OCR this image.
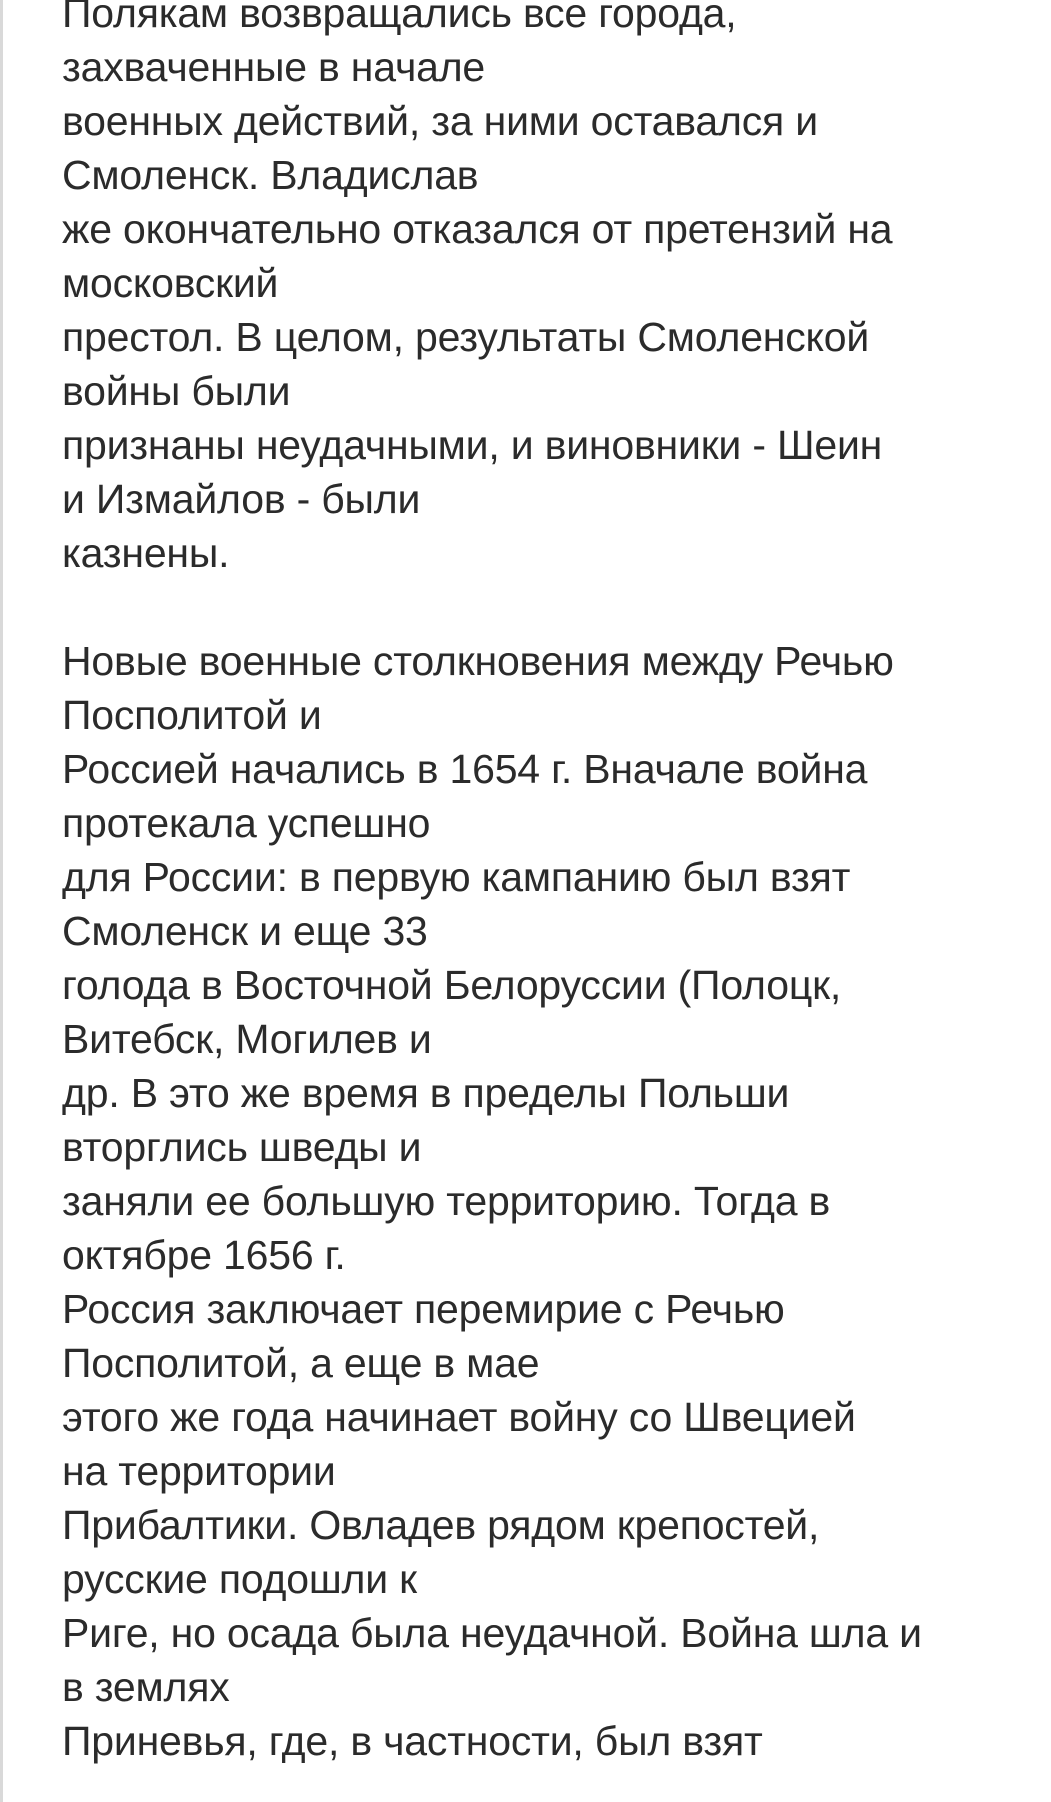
Полякам возвращались все города,
захваченные в начале
военных действий, за ними оставался и
Смоленск. Владислав
же окончательно отказался от претензий на
московский
престол. В целом, результаты Смоленской
войны были
признаны неудачными, и виновники - Шеин
и Измайлов - были
казнены.
Новые военные столкновения между Речью
Посполитой и
Россией начались в 1654 г. Вначале война
протекала успешно
для России: в первую кампанию был взят
Смоленск и еще 33
голода в Восточной Белоруссии (Полоцк,
Витебск, Могилев и
др. В это же время в пределы Польши
вторглись шведы и
заняли ее большую территорию. Тогда в
октябре 1656 г.
Россия заключает перемирие с Речью
Посполитой, а еще в мае
этого же года начинает войну со Швецией
на территории
Прибалтики. Овладев рядом крепостей,
русские подошли к
Риге, но осада была неудачной. Война шла и
в землях
Приневья, где, в частности, был взят
